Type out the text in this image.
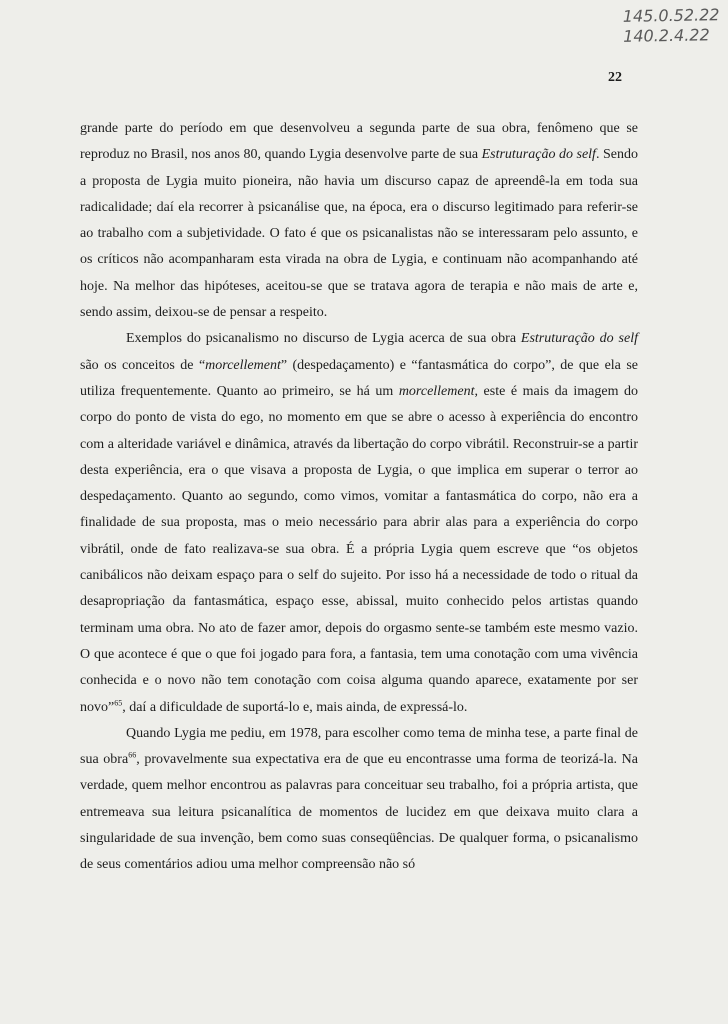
145.0.52.22
140.2.4.22
22

grande parte do período em que desenvolveu a segunda parte de sua obra, fenômeno que se reproduz no Brasil, nos anos 80, quando Lygia desenvolve parte de sua Estruturação do self. Sendo a proposta de Lygia muito pioneira, não havia um discurso capaz de apreendê-la em toda sua radicalidade; daí ela recorrer à psicanálise que, na época, era o discurso legitimado para referir-se ao trabalho com a subjetividade. O fato é que os psicanalistas não se interessaram pelo assunto, e os críticos não acompanharam esta virada na obra de Lygia, e continuam não acompanhando até hoje. Na melhor das hipóteses, aceitou-se que se tratava agora de terapia e não mais de arte e, sendo assim, deixou-se de pensar a respeito.

Exemplos do psicanalismo no discurso de Lygia acerca de sua obra Estruturação do self são os conceitos de “morcellement” (despedaçamento) e “fantasmática do corpo”, de que ela se utiliza frequentemente. Quanto ao primeiro, se há um morcellement, este é mais da imagem do corpo do ponto de vista do ego, no momento em que se abre o acesso à experiência do encontro com a alteridade variável e dinâmica, através da libertação do corpo vibrátil. Reconstruir-se a partir desta experiência, era o que visava a proposta de Lygia, o que implica em superar o terror ao despedaçamento. Quanto ao segundo, como vimos, vomitar a fantasmática do corpo, não era a finalidade de sua proposta, mas o meio necessário para abrir alas para a experiência do corpo vibrátil, onde de fato realizava-se sua obra. É a própria Lygia quem escreve que “os objetos canibálicos não deixam espaço para o self do sujeito. Por isso há a necessidade de todo o ritual da desapropriação da fantasmática, espaço esse, abissal, muito conhecido pelos artistas quando terminam uma obra. No ato de fazer amor, depois do orgasmo sente-se também este mesmo vazio. O que acontece é que o que foi jogado para fora, a fantasia, tem uma conotação com uma vivência conhecida e o novo não tem conotação com coisa alguma quando aparece, exatamente por ser novo”$^{65}$, daí a dificuldade de suportá-lo e, mais ainda, de expressá-lo.

Quando Lygia me pediu, em 1978, para escolher como tema de minha tese, a parte final de sua obra$^{66}$, provavelmente sua expectativa era de que eu encontrasse uma forma de teorizá-la. Na verdade, quem melhor encontrou as palavras para conceituar seu trabalho, foi a própria artista, que entremeava sua leitura psicanalítica de momentos de lucidez em que deixava muito clara a singularidade de sua invenção, bem como suas conseqüências. De qualquer forma, o psicanalismo de seus comentários adiou uma melhor compreensão não só
